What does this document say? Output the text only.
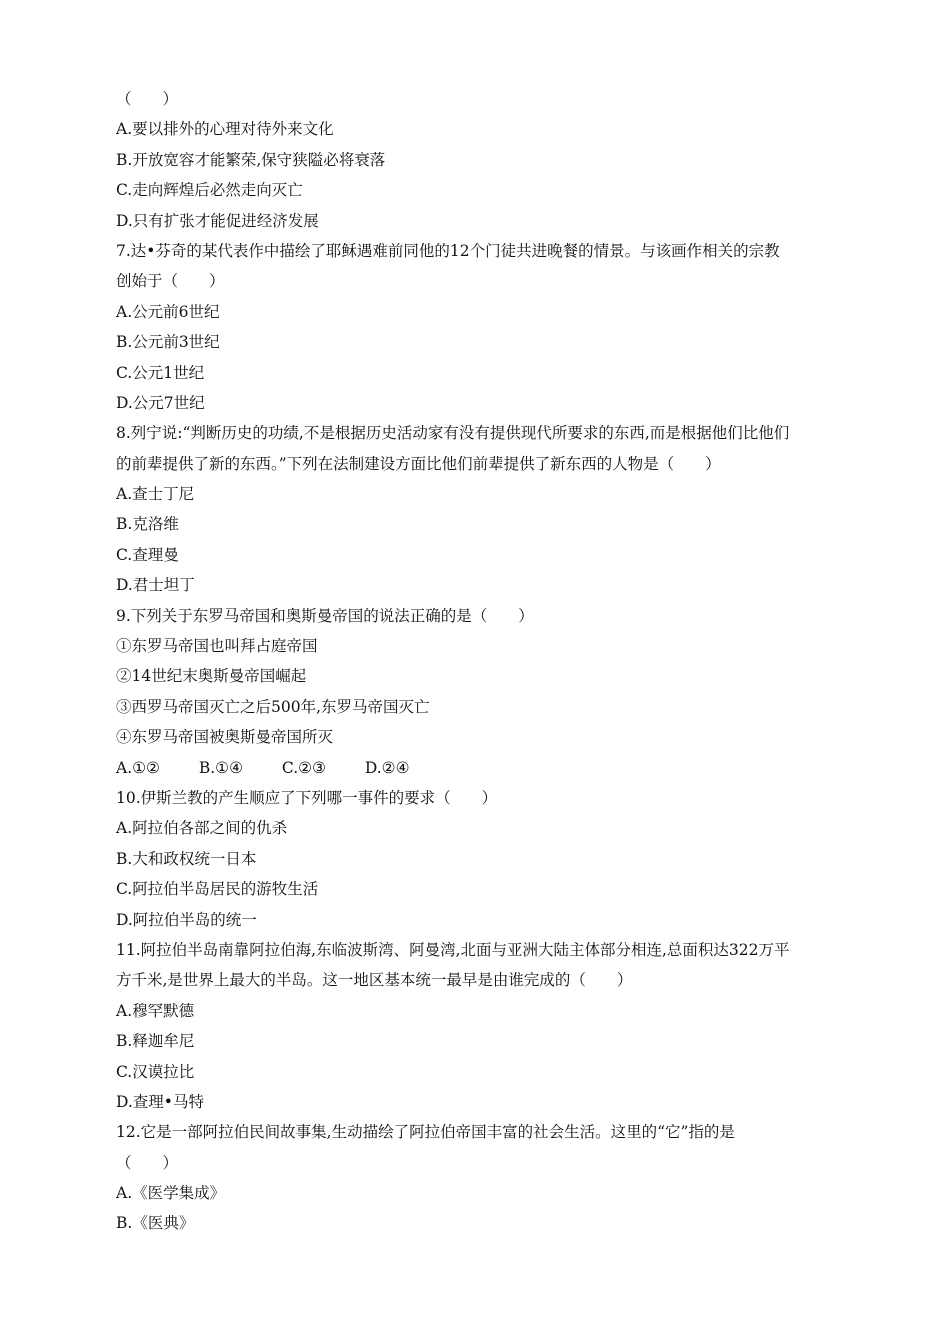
（　　）
A.要以排外的心理对待外来文化
B.开放宽容才能繁荣,保守狭隘必将衰落
C.走向辉煌后必然走向灭亡
D.只有扩张才能促进经济发展
7.达•芬奇的某代表作中描绘了耶稣遇难前同他的12个门徒共进晚餐的情景。与该画作相关的宗教
创始于（　　）
A.公元前6世纪
B.公元前3世纪
C.公元1世纪
D.公元7世纪
8.列宁说:“判断历史的功绩,不是根据历史活动家有没有提供现代所要求的东西,而是根据他们比他们
的前辈提供了新的东西。”下列在法制建设方面比他们前辈提供了新东西的人物是（　　）
A.查士丁尼
B.克洛维
C.查理曼
D.君士坦丁
9.下列关于东罗马帝国和奥斯曼帝国的说法正确的是（　　）
①东罗马帝国也叫拜占庭帝国
②14世纪末奥斯曼帝国崛起
③西罗马帝国灭亡之后500年,东罗马帝国灭亡
④东罗马帝国被奥斯曼帝国所灭
A.①②	B.①④	C.②③	D.②④
10.伊斯兰教的产生顺应了下列哪一事件的要求（　　）
A.阿拉伯各部之间的仇杀
B.大和政权统一日本
C.阿拉伯半岛居民的游牧生活
D.阿拉伯半岛的统一
11.阿拉伯半岛南靠阿拉伯海,东临波斯湾、阿曼湾,北面与亚洲大陆主体部分相连,总面积达322万平
方千米,是世界上最大的半岛。这一地区基本统一最早是由谁完成的（　　）
A.穆罕默德
B.释迦牟尼
C.汉谟拉比
D.查理•马特
12.它是一部阿拉伯民间故事集,生动描绘了阿拉伯帝国丰富的社会生活。这里的“它”指的是
（　　）
A.《医学集成》
B.《医典》
